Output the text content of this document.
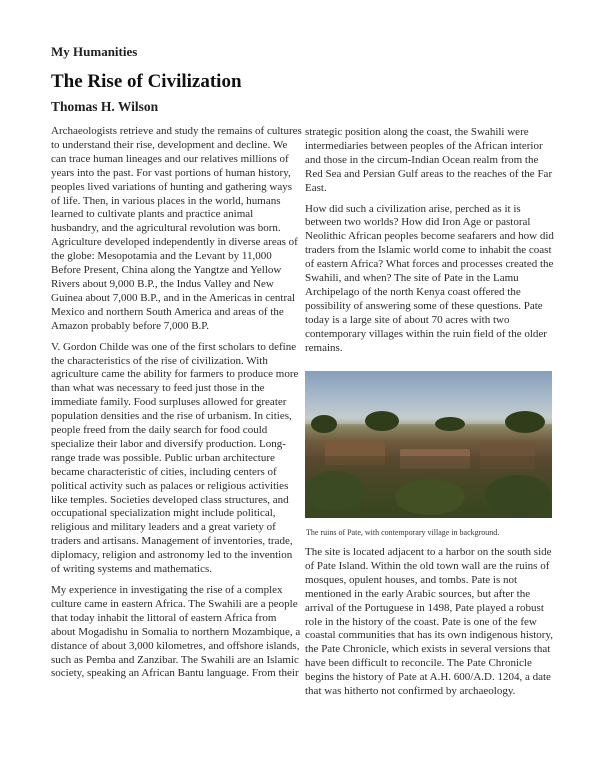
My Humanities
The Rise of Civilization
Thomas H. Wilson

Archaeologists retrieve and study the remains of cultures to understand their rise, development and decline. We can trace human lineages and our relatives millions of years into the past. For vast portions of human history, peoples lived variations of hunting and gathering ways of life. Then, in various places in the world, humans learned to cultivate plants and practice animal husbandry, and the agricultural revolution was born. Agriculture developed independently in diverse areas of the globe: Mesopotamia and the Levant by 11,000 Before Present, China along the Yangtze and Yellow Rivers about 9,000 B.P., the Indus Valley and New Guinea about 7,000 B.P., and in the Americas in central Mexico and northern South America and areas of the Amazon probably before 7,000 B.P.

V. Gordon Childe was one of the first scholars to define the characteristics of the rise of civilization. With agriculture came the ability for farmers to produce more than what was necessary to feed just those in the immediate family. Food surpluses allowed for greater population densities and the rise of urbanism. In cities, people freed from the daily search for food could specialize their labor and diversify production. Long-range trade was possible. Public urban architecture became characteristic of cities, including centers of political activity such as palaces or religious activities like temples. Societies developed class structures, and occupational specialization might include political, religious and military leaders and a great variety of traders and artisans. Management of inventories, trade, diplomacy, religion and astronomy led to the invention of writing systems and mathematics.

My experience in investigating the rise of a complex culture came in eastern Africa. The Swahili are a people that today inhabit the littoral of eastern Africa from about Mogadishu in Somalia to northern Mozambique, a distance of about 3,000 kilometres, and offshore islands, such as Pemba and Zanzibar. The Swahili are an Islamic society, speaking an African Bantu language. From their

strategic position along the coast, the Swahili were intermediaries between peoples of the African interior and those in the circum-Indian Ocean realm from the Red Sea and Persian Gulf areas to the reaches of the Far East.

How did such a civilization arise, perched as it is between two worlds? How did Iron Age or pastoral Neolithic African peoples become seafarers and how did traders from the Islamic world come to inhabit the coast of eastern Africa? What forces and processes created the Swahili, and when? The site of Pate in the Lamu Archipelago of the north Kenya coast offered the possibility of answering some of these questions. Pate today is a large site of about 70 acres with two contemporary villages within the ruin field of the older remains.

The ruins of Pate, with contemporary village in background.

The site is located adjacent to a harbor on the south side of Pate Island. Within the old town wall are the ruins of mosques, opulent houses, and tombs. Pate is not mentioned in the early Arabic sources, but after the arrival of the Portuguese in 1498, Pate played a robust role in the history of the coast. Pate is one of the few coastal communities that has its own indigenous history, the Pate Chronicle, which exists in several versions that have been difficult to reconcile. The Pate Chronicle begins the history of Pate at A.H. 600/A.D. 1204, a date that was hitherto not confirmed by archaeology.
